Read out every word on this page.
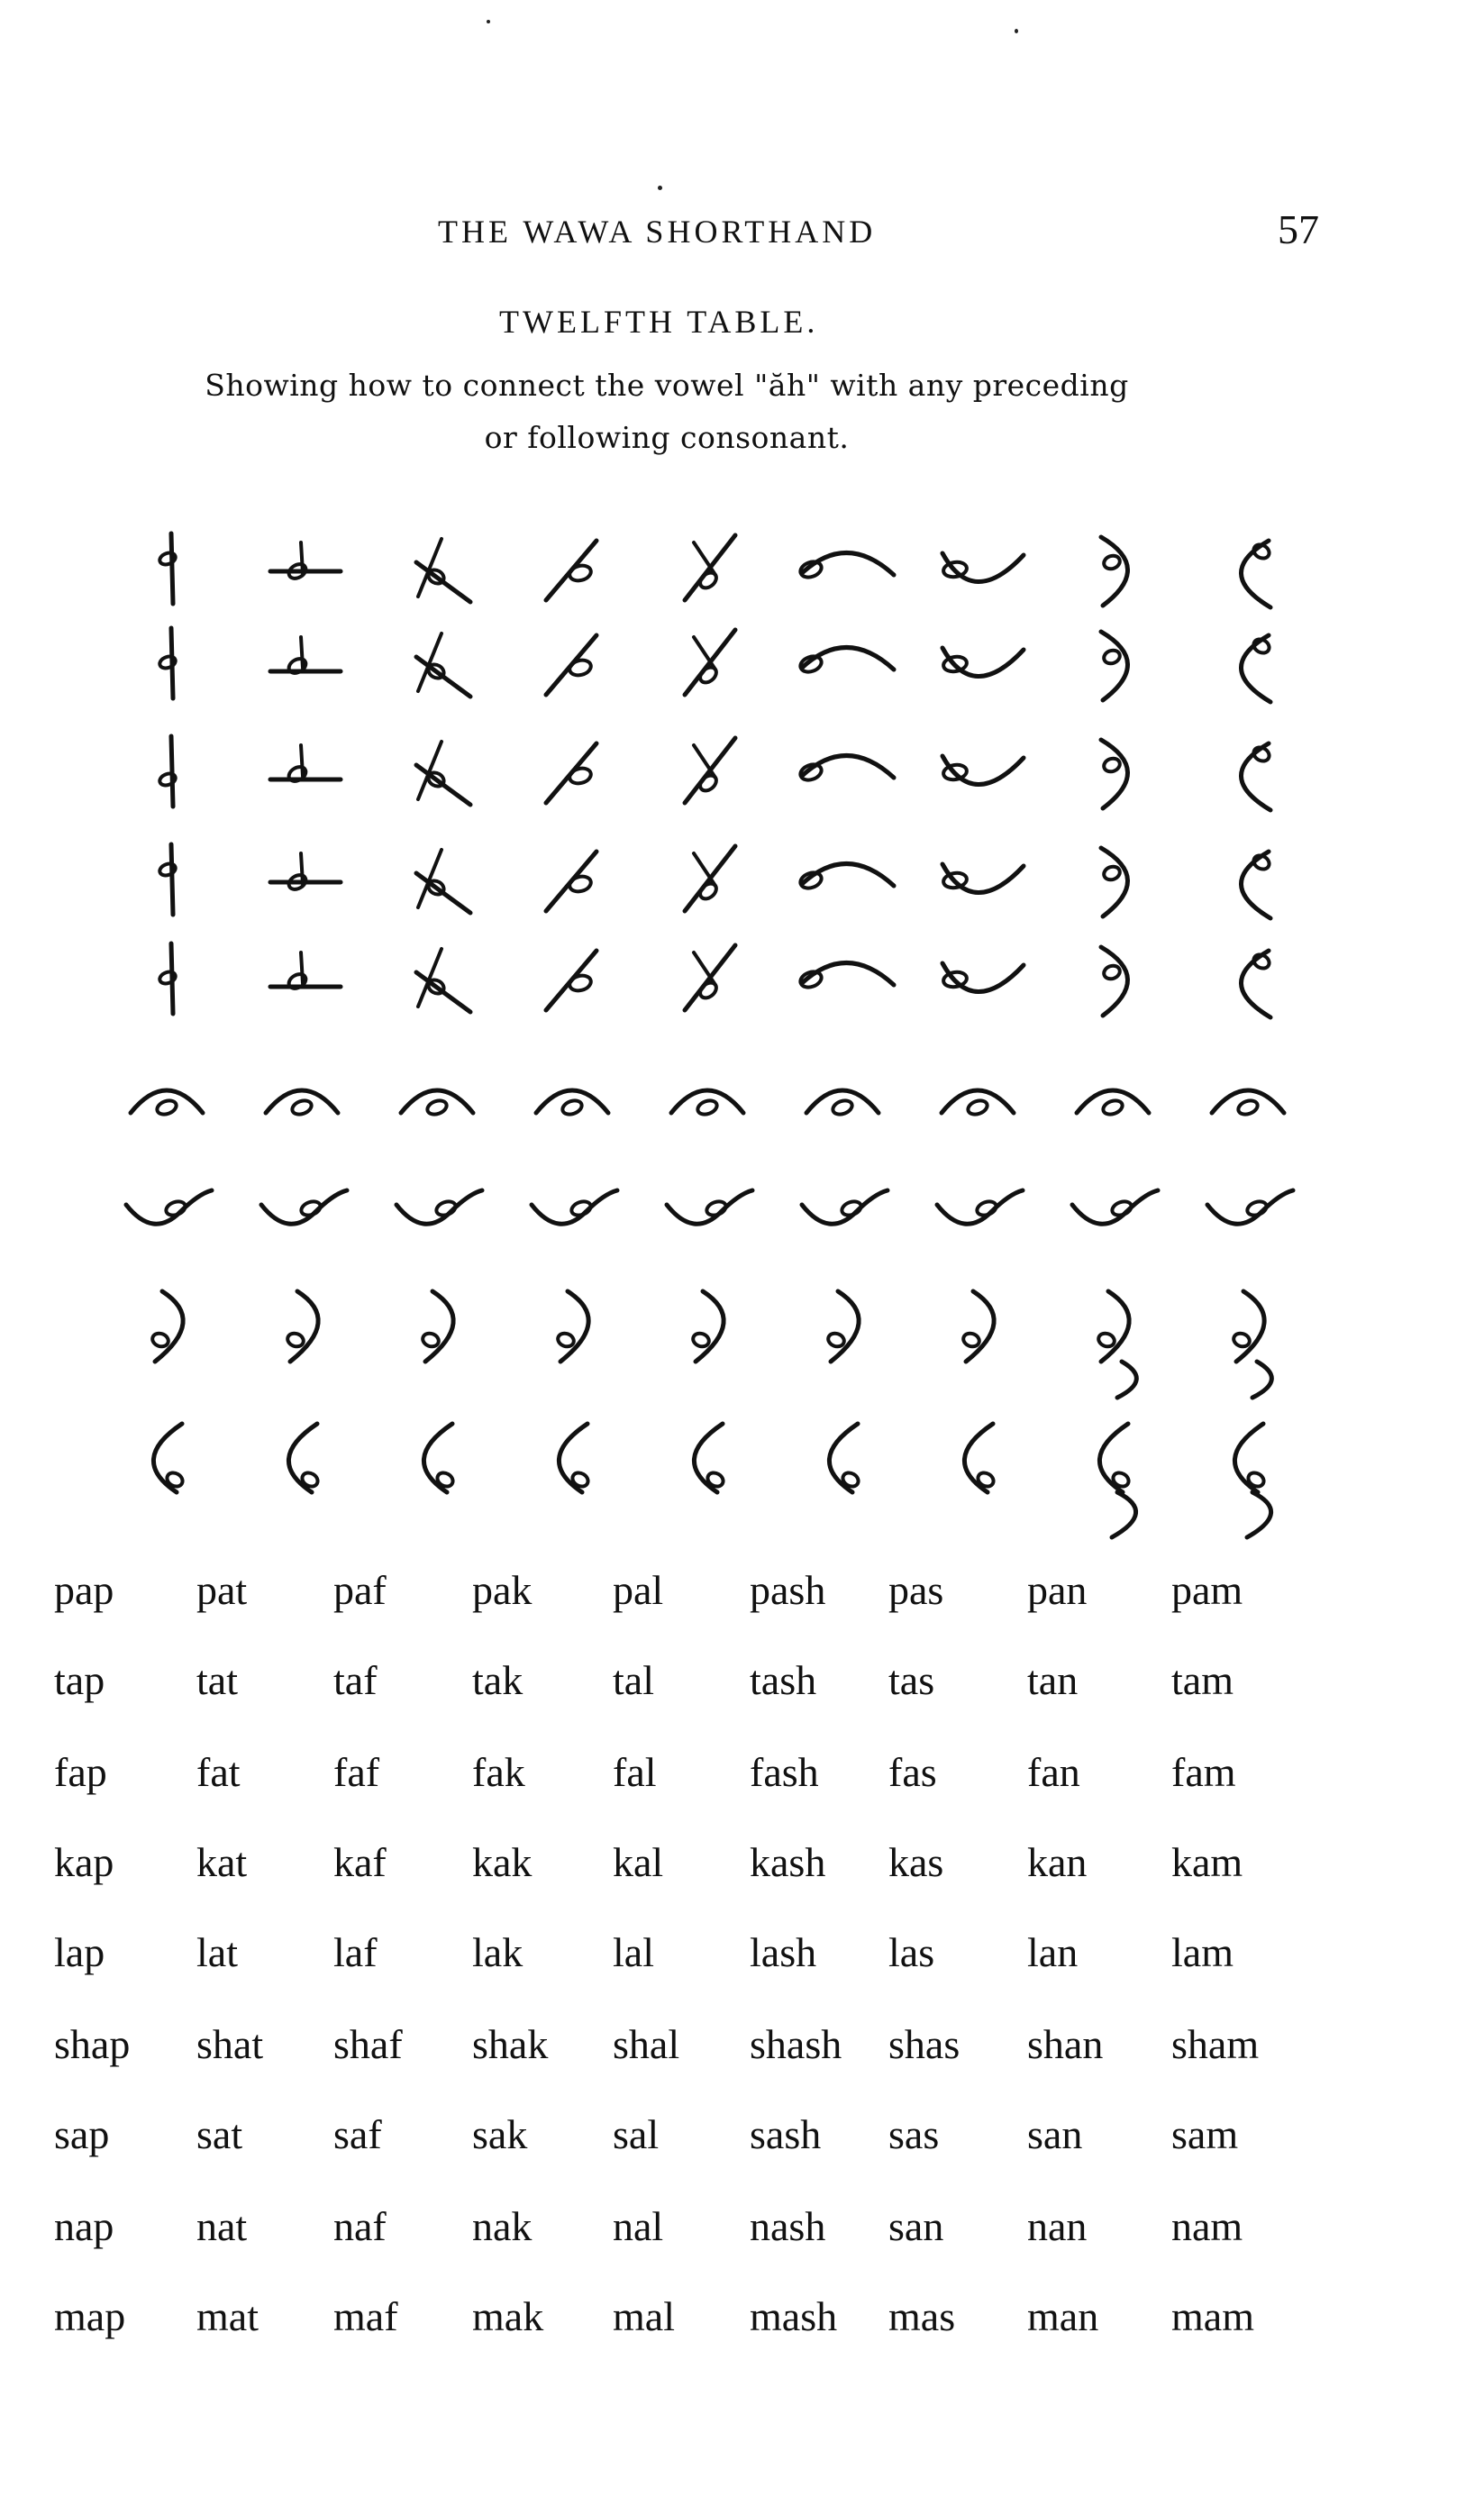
THE WAWA SHORTHAND	57
TWELFTH TABLE.
Showing how to connect the vowel "ăh" with any preceding
or following consonant.
pap pat paf pak pal pash pas pan pam
tap tat taf tak tal tash tas tan tam
fap fat faf fak fal fash fas fan fam
kap kat kaf kak kal kash kas kan kam
lap lat laf lak lal lash las lan lam
shap shat shaf shak shal shash shas shan sham
sap sat saf sak sal sash sas san sam
nap nat naf nak nal nash san nan nam
map mat maf mak mal mash mas man mam
